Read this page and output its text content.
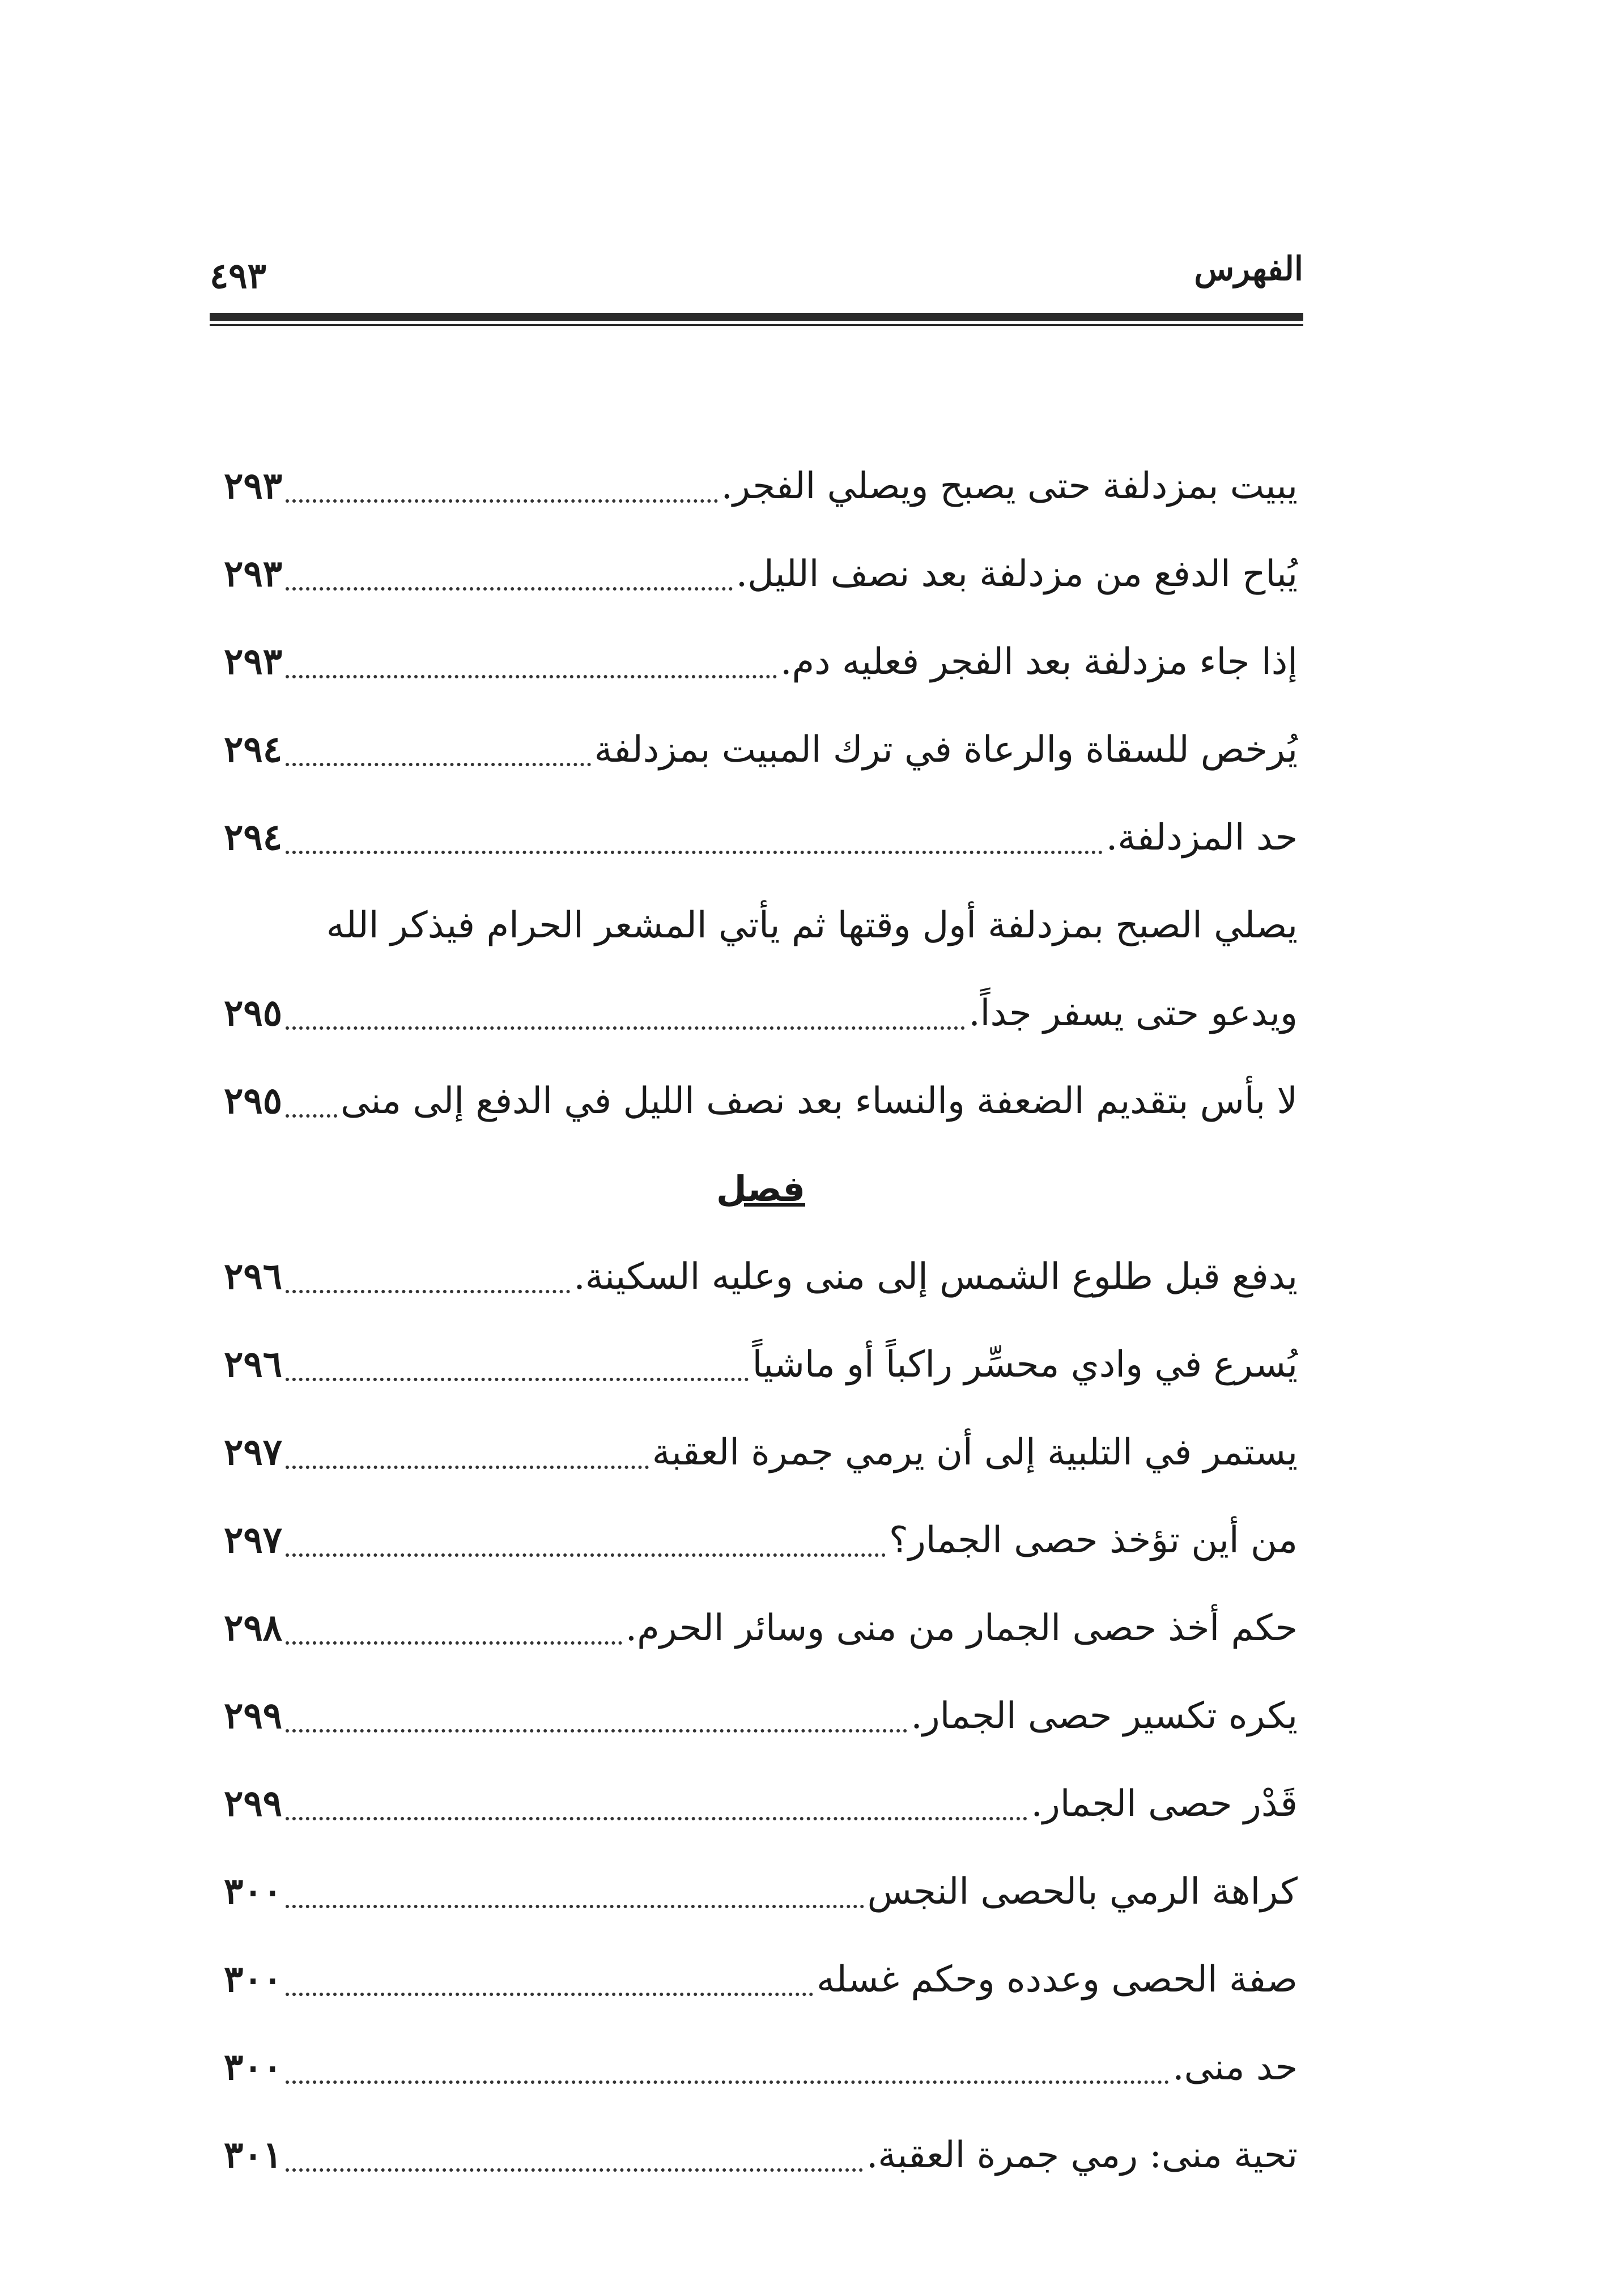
الفهرس
٤٩٣
يبيت بمزدلفة حتى يصبح ويصلي الفجر.
٢٩٣
يُباح الدفع من مزدلفة بعد نصف الليل.
٢٩٣
إذا جاء مزدلفة بعد الفجر فعليه دم.
٢٩٣
يُرخص للسقاة والرعاة في ترك المبيت بمزدلفة
٢٩٤
حد المزدلفة.
٢٩٤
يصلي الصبح بمزدلفة أول وقتها ثم يأتي المشعر الحرام فيذكر الله
ويدعو حتى يسفر جداً.
٢٩٥
لا بأس بتقديم الضعفة والنساء بعد نصف الليل في الدفع إلى منى
٢٩٥
فصل
يدفع قبل طلوع الشمس إلى منى وعليه السكينة.
٢٩٦
يُسرع في وادي محسِّر راكباً أو ماشياً
٢٩٦
يستمر في التلبية إلى أن يرمي جمرة العقبة
٢٩٧
من أين تؤخذ حصى الجمار؟
٢٩٧
حكم أخذ حصى الجمار من منى وسائر الحرم.
٢٩٨
يكره تكسير حصى الجمار.
٢٩٩
قَدْر حصى الجمار.
٢٩٩
كراهة الرمي بالحصى النجس
٣٠٠
صفة الحصى وعدده وحكم غسله
٣٠٠
حد منى.
٣٠٠
تحية منى: رمي جمرة العقبة.
٣٠١
